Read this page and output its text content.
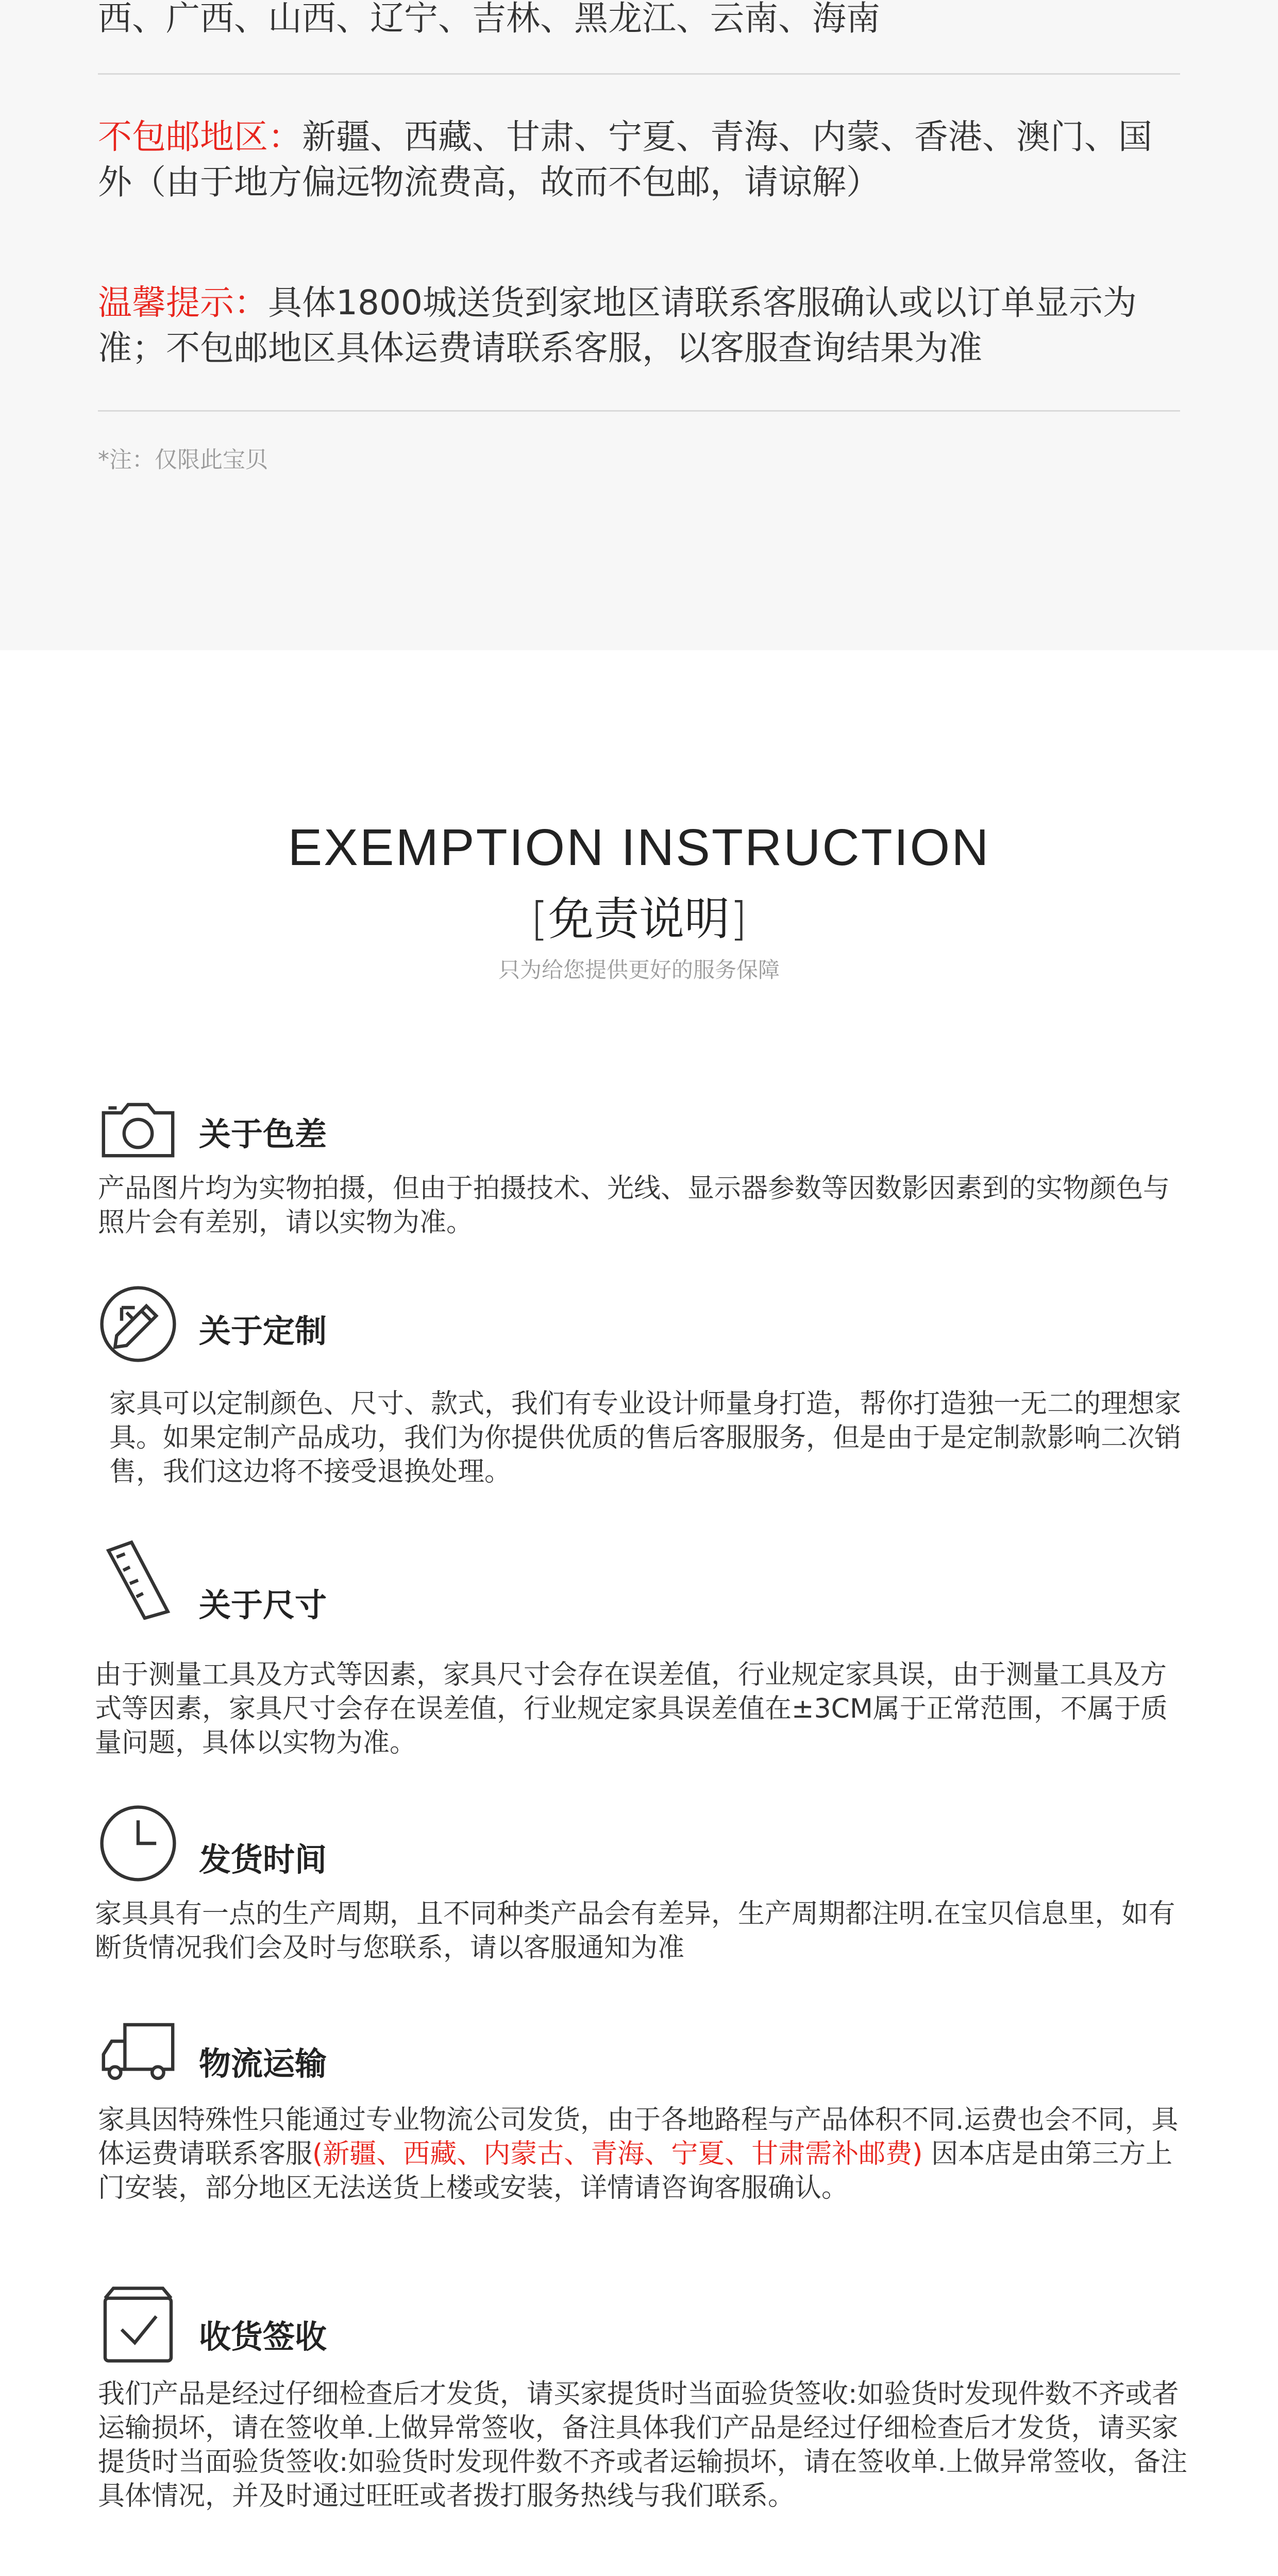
西、广西、山西、辽宁、吉林、黑龙江、云南、海南
不包邮地区：新疆、西藏、甘肃、宁夏、青海、内蒙、香港、澳门、国外（由于地方偏远物流费高，故而不包邮，请谅解）
温馨提示：具体1800城送货到家地区请联系客服确认或以订单显示为准；不包邮地区具体运费请联系客服，以客服查询结果为准
*注：仅限此宝贝
EXEMPTION INSTRUCTION
[免责说明]
只为给您提供更好的服务保障
关于色差
产品图片均为实物拍摄，但由于拍摄技术、光线、显示器参数等因数影因素到的实物颜色与照片会有差别，请以实物为准。
关于定制
家具可以定制颜色、尺寸、款式，我们有专业设计师量身打造，帮你打造独一无二的理想家具。如果定制产品成功，我们为你提供优质的售后客服服务，但是由于是定制款影响二次销售，我们这边将不接受退换处理。
关于尺寸
由于测量工具及方式等因素，家具尺寸会存在误差值，行业规定家具误，由于测量工具及方式等因素，家具尺寸会存在误差值，行业规定家具误差值在±3CM属于正常范围，不属于质量问题，具体以实物为准。
发货时间
家具具有一点的生产周期，且不同种类产品会有差异，生产周期都注明.在宝贝信息里，如有断货情况我们会及时与您联系，请以客服通知为准
物流运输
家具因特殊性只能通过专业物流公司发货，由于各地路程与产品体积不同.运费也会不同，具体运费请联系客服(新疆、西藏、内蒙古、青海、宁夏、甘肃需补邮费) 因本店是由第三方上门安装，部分地区无法送货上楼或安装，详情请咨询客服确认。
收货签收
我们产品是经过仔细检查后才发货，请买家提货时当面验货签收:如验货时发现件数不齐或者运输损坏，请在签收单.上做异常签收，备注具体我们产品是经过仔细检查后才发货，请买家提货时当面验货签收:如验货时发现件数不齐或者运输损坏，请在签收单.上做异常签收，备注具体情况，并及时通过旺旺或者拨打服务热线与我们联系。
